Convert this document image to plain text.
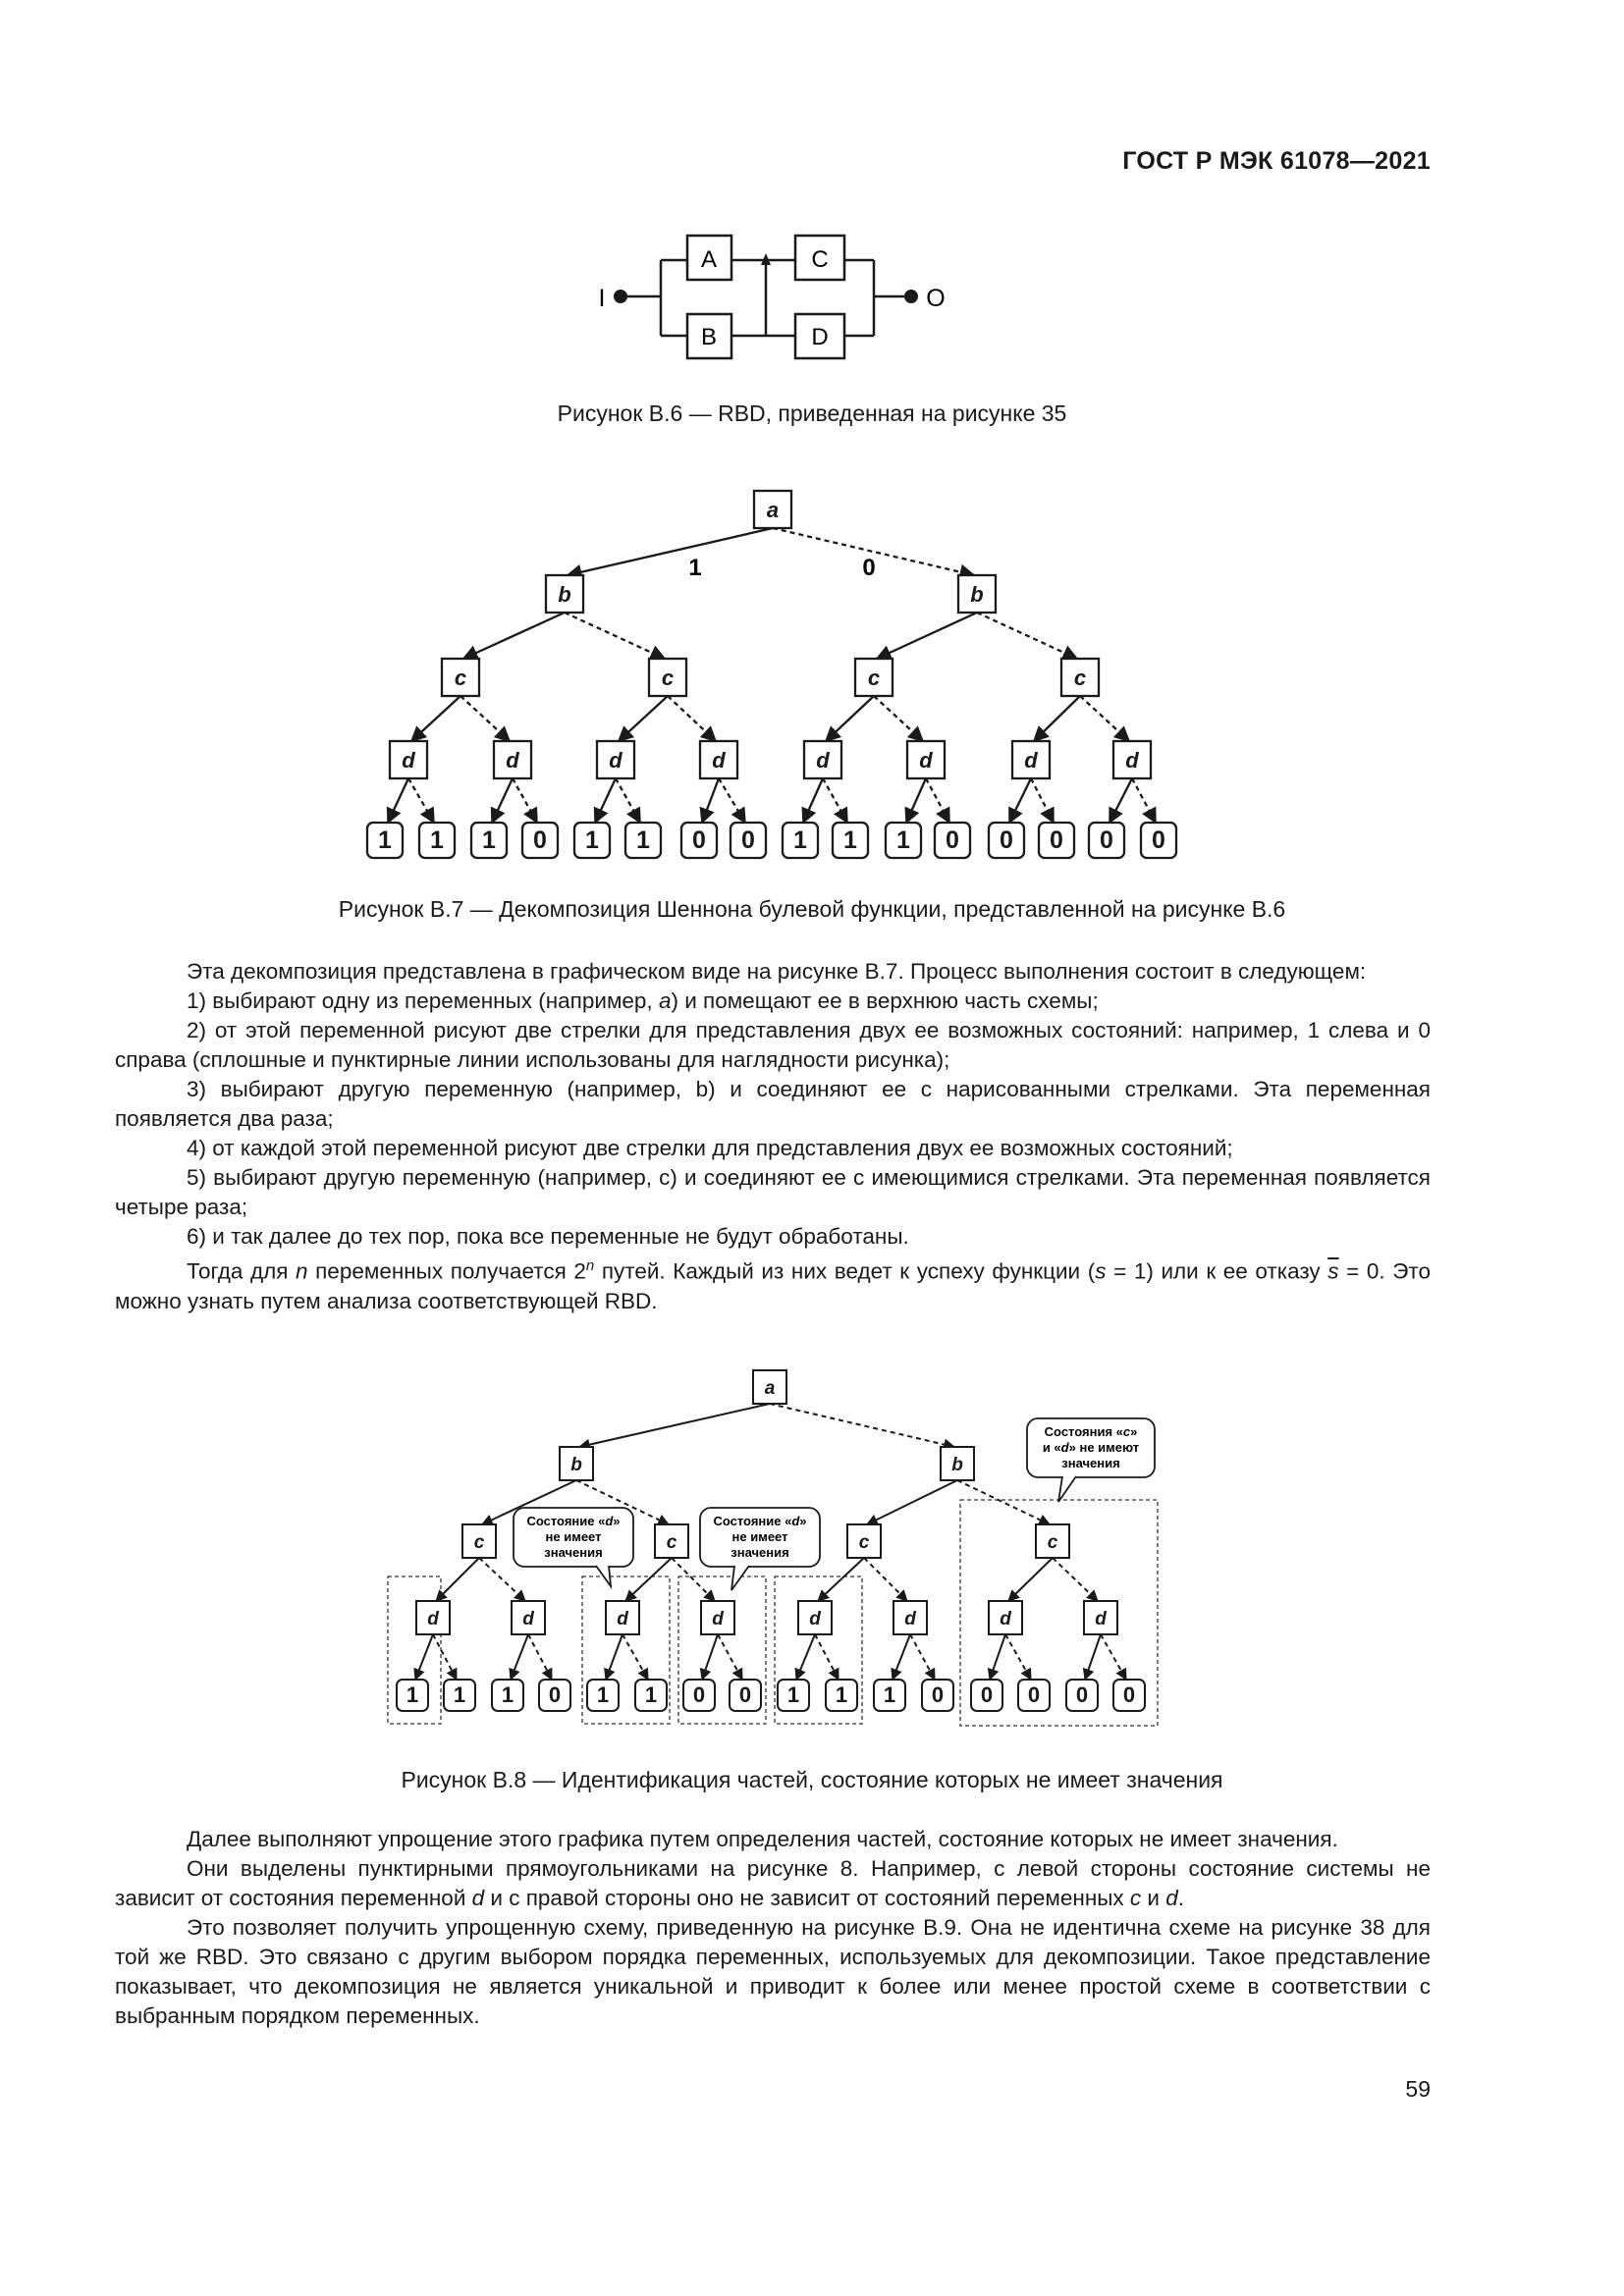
ГОСТ Р МЭК 61078—2021
I	O
A
B
C
D
Рисунок B.6 — RBD, приведенная на рисунке 35
a
b	b
c	c	c	c
d	d	d	d	d	d	d	d
1 1 1 0 1 1 0 0 1 1 1 0 0 0 0 0
1	0
Рисунок B.7 — Декомпозиция Шеннона булевой функции, представленной на рисунке B.6

Эта декомпозиция представлена в графическом виде на рисунке B.7. Процесс выполнения состоит в следующем:

1) выбирают одну из переменных (например, a) и помещают ее в верхнюю часть схемы;

2) от этой переменной рисуют две стрелки для представления двух ее возможных состояний: например, 1 слева и 0 справа (сплошные и пунктирные линии использованы для наглядности рисунка);

3) выбирают другую переменную (например, b) и соединяют ее с нарисованными стрелками. Эта переменная появляется два раза;

4) от каждой этой переменной рисуют две стрелки для представления двух ее возможных состояний;

5) выбирают другую переменную (например, с) и соединяют ее с имеющимися стрелками. Эта переменная появляется четыре раза;

6) и так далее до тех пор, пока все переменные не будут обработаны.

Тогда для n переменных получается 2$^n$ путей. Каждый из них ведет к успеху функции (s = 1) или к ее отказу $\overline{s} = 0$. Это можно узнать путем анализа соответствующей RBD.

a
b	b
c	c	c	c
d	d	d	d	d	d	d	d
1 1 1 0 1 1 0 0 1 1 1 0 0 0 0 0
Состояния «c»
и «d» не имеют
значения
Состояние «d»
не имеет
значения
Состояние «d»
не имеет
значения
Рисунок B.8 — Идентификация частей, состояние которых не имеет значения

Далее выполняют упрощение этого графика путем определения частей, состояние которых не имеет значения.

Они выделены пунктирными прямоугольниками на рисунке 8. Например, с левой стороны состояние системы не зависит от состояния переменной d и с правой стороны оно не зависит от состояний переменных c и d.

Это позволяет получить упрощенную схему, приведенную на рисунке B.9. Она не идентична схеме на рисунке 38 для той же RBD. Это связано с другим выбором порядка переменных, используемых для декомпозиции. Такое представление показывает, что декомпозиция не является уникальной и приводит к более или менее простой схеме в соответствии с выбранным порядком переменных.

59
